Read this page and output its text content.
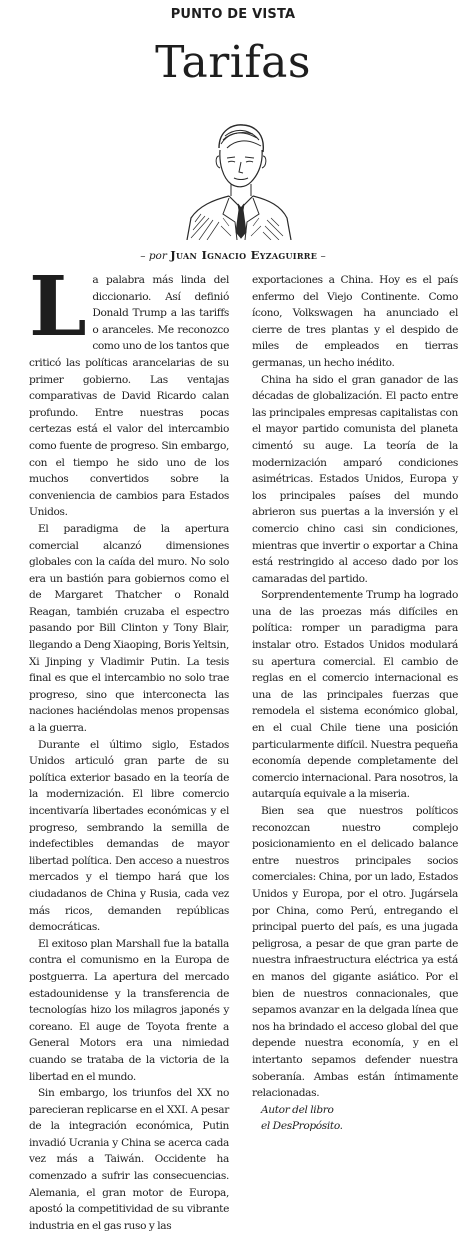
PUNTO DE VISTA
Tarifas
– por Juan Ignacio Eyzaguirre –

La palabra más linda del diccionario. Así definió Donald Trump a las tariffs o aranceles. Me reconozco como uno de los tantos que criticó las políticas arancelarias de su primer gobierno. Las ventajas comparativas de David Ricardo calan profundo. Entre nuestras pocas certezas está el valor del intercambio como fuente de progreso. Sin embargo, con el tiempo he sido uno de los muchos convertidos sobre la conveniencia de cambios para Estados Unidos.

El paradigma de la apertura comercial alcanzó dimensiones globales con la caída del muro. No solo era un bastión para gobiernos como el de Margaret Thatcher o Ronald Reagan, también cruzaba el espectro pasando por Bill Clinton y Tony Blair, llegando a Deng Xiaoping, Boris Yeltsin, Xi Jinping y Vladimir Putin. La tesis final es que el intercambio no solo trae progreso, sino que interconecta las naciones haciéndolas menos propensas a la guerra.

Durante el último siglo, Estados Unidos articuló gran parte de su política exterior basado en la teoría de la modernización. El libre comercio incentivaría libertades económicas y el progreso, sembrando la semilla de indefectibles demandas de mayor libertad política. Den acceso a nuestros mercados y el tiempo hará que los ciudadanos de China y Rusia, cada vez más ricos, demanden repúblicas democráticas.

El exitoso plan Marshall fue la batalla contra el comunismo en la Europa de postguerra. La apertura del mercado estadounidense y la transferencia de tecnologías hizo los milagros japonés y coreano. El auge de Toyota frente a General Motors era una nimiedad cuando se trataba de la victoria de la libertad en el mundo.

Sin embargo, los triunfos del XX no parecieran replicarse en el XXI. A pesar de la integración económica, Putin invadió Ucrania y China se acerca cada vez más a Taiwán. Occidente ha comenzado a sufrir las consecuencias. Alemania, el gran motor de Europa, apostó la competitividad de su vibrante industria en el gas ruso y las

exportaciones a China. Hoy es el país enfermo del Viejo Continente. Como ícono, Volkswagen ha anunciado el cierre de tres plantas y el despido de miles de empleados en tierras germanas, un hecho inédito.

China ha sido el gran ganador de las décadas de globalización. El pacto entre las principales empresas capitalistas con el mayor partido comunista del planeta cimentó su auge. La teoría de la modernización amparó condiciones asimétricas. Estados Unidos, Europa y los principales países del mundo abrieron sus puertas a la inversión y el comercio chino casi sin condiciones, mientras que invertir o exportar a China está restringido al acceso dado por los camaradas del partido.

Sorprendentemente Trump ha logrado una de las proezas más difíciles en política: romper un paradigma para instalar otro. Estados Unidos modulará su apertura comercial. El cambio de reglas en el comercio internacional es una de las principales fuerzas que remodela el sistema económico global, en el cual Chile tiene una posición particularmente difícil. Nuestra pequeña economía depende completamente del comercio internacional. Para nosotros, la autarquía equivale a la miseria.

Bien sea que nuestros políticos reconozcan nuestro complejo posicionamiento en el delicado balance entre nuestros principales socios comerciales: China, por un lado, Estados Unidos y Europa, por el otro. Jugársela por China, como Perú, entregando el principal puerto del país, es una jugada peligrosa, a pesar de que gran parte de nuestra infraestructura eléctrica ya está en manos del gigante asiático. Por el bien de nuestros connacionales, que sepamos avanzar en la delgada línea que nos ha brindado el acceso global del que depende nuestra economía, y en el intertanto sepamos defender nuestra soberanía. Ambas están íntimamente relacionadas.

Autor del libro
el DesPropósito.
